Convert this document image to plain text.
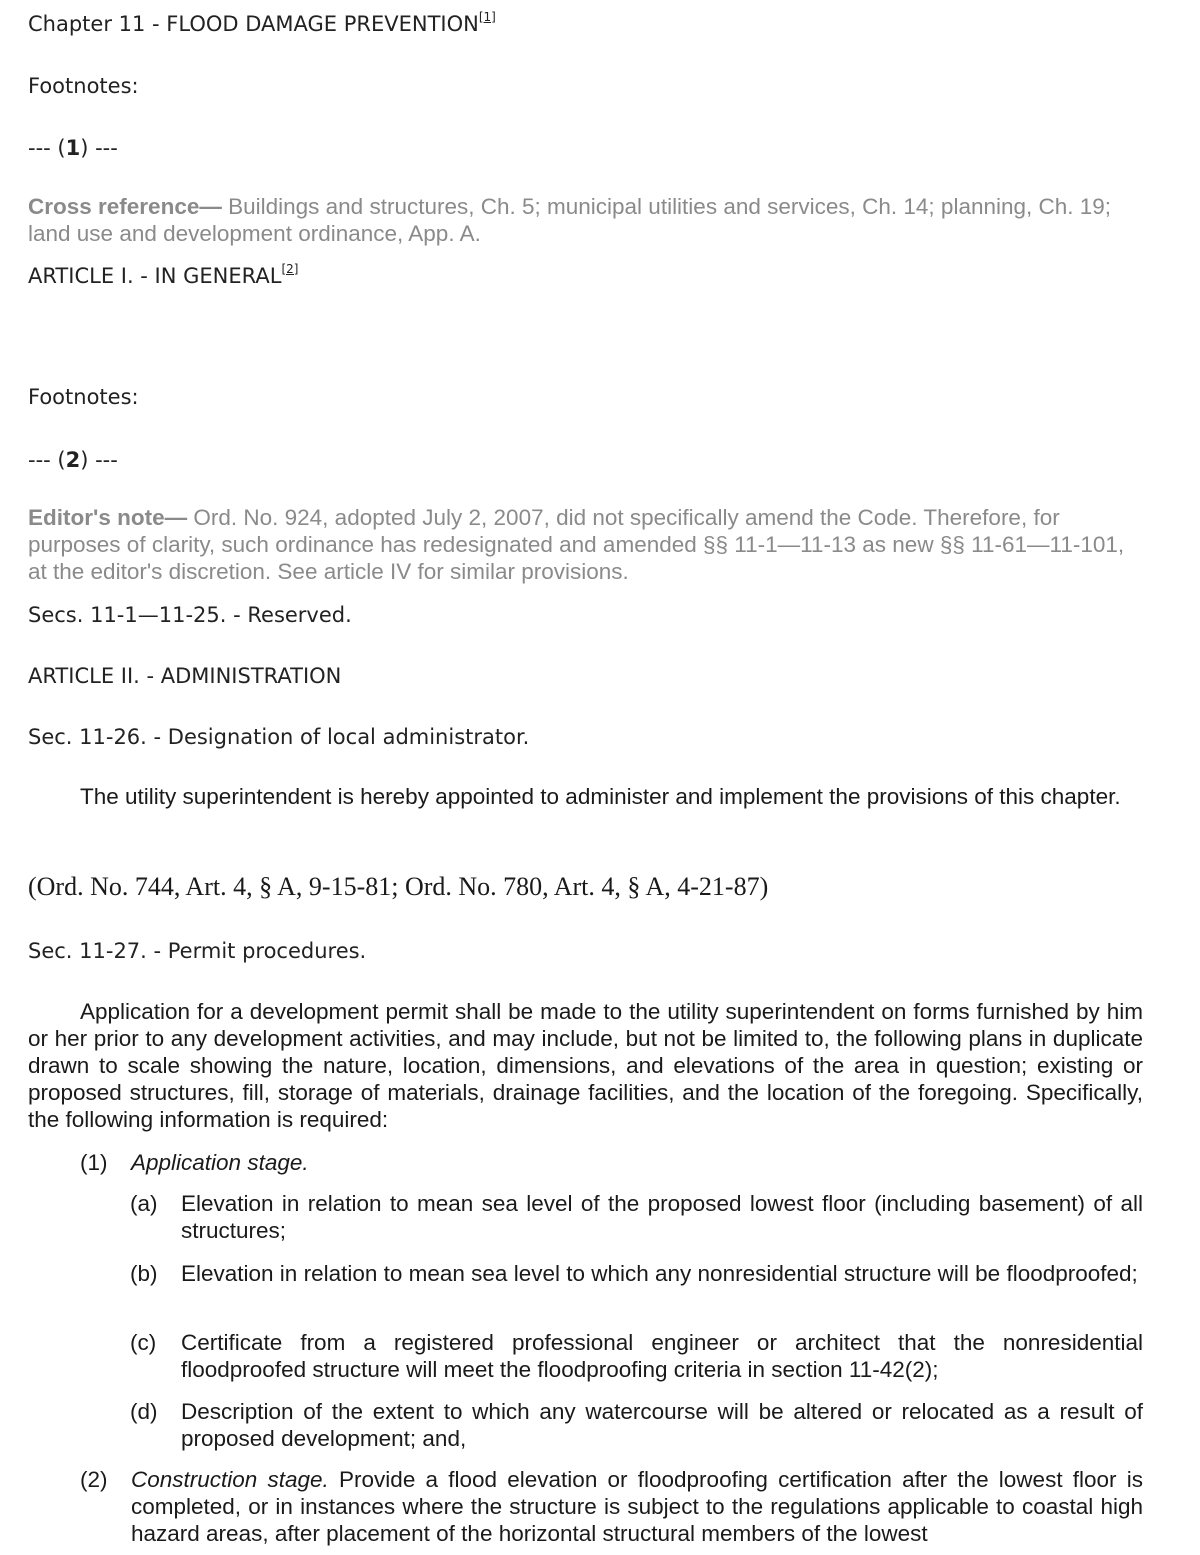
Chapter 11 - FLOOD DAMAGE PREVENTION[1]
Footnotes:
--- (1) ---
Cross reference— Buildings and structures, Ch. 5; municipal utilities and services, Ch. 14; planning, Ch. 19; land use and development ordinance, App. A.
ARTICLE I. - IN GENERAL[2]
Footnotes:
--- (2) ---
Editor's note— Ord. No. 924, adopted July 2, 2007, did not specifically amend the Code. Therefore, for purposes of clarity, such ordinance has redesignated and amended §§ 11-1—11-13 as new §§ 11-61—11-101, at the editor's discretion. See article IV for similar provisions.
Secs. 11-1—11-25. - Reserved.
ARTICLE II. - ADMINISTRATION
Sec. 11-26. - Designation of local administrator.
The utility superintendent is hereby appointed to administer and implement the provisions of this chapter.
(Ord. No. 744, Art. 4, § A, 9-15-81; Ord. No. 780, Art. 4, § A, 4-21-87)
Sec. 11-27. - Permit procedures.
Application for a development permit shall be made to the utility superintendent on forms furnished by him or her prior to any development activities, and may include, but not be limited to, the following plans in duplicate drawn to scale showing the nature, location, dimensions, and elevations of the area in question; existing or proposed structures, fill, storage of materials, drainage facilities, and the location of the foregoing. Specifically, the following information is required:
(1) Application stage.
(a) Elevation in relation to mean sea level of the proposed lowest floor (including basement) of all structures;
(b) Elevation in relation to mean sea level to which any nonresidential structure will be floodproofed;
(c) Certificate from a registered professional engineer or architect that the nonresidential floodproofed structure will meet the floodproofing criteria in section 11-42(2);
(d) Description of the extent to which any watercourse will be altered or relocated as a result of proposed development; and,
(2) Construction stage. Provide a flood elevation or floodproofing certification after the lowest floor is completed, or in instances where the structure is subject to the regulations applicable to coastal high hazard areas, after placement of the horizontal structural members of the lowest
